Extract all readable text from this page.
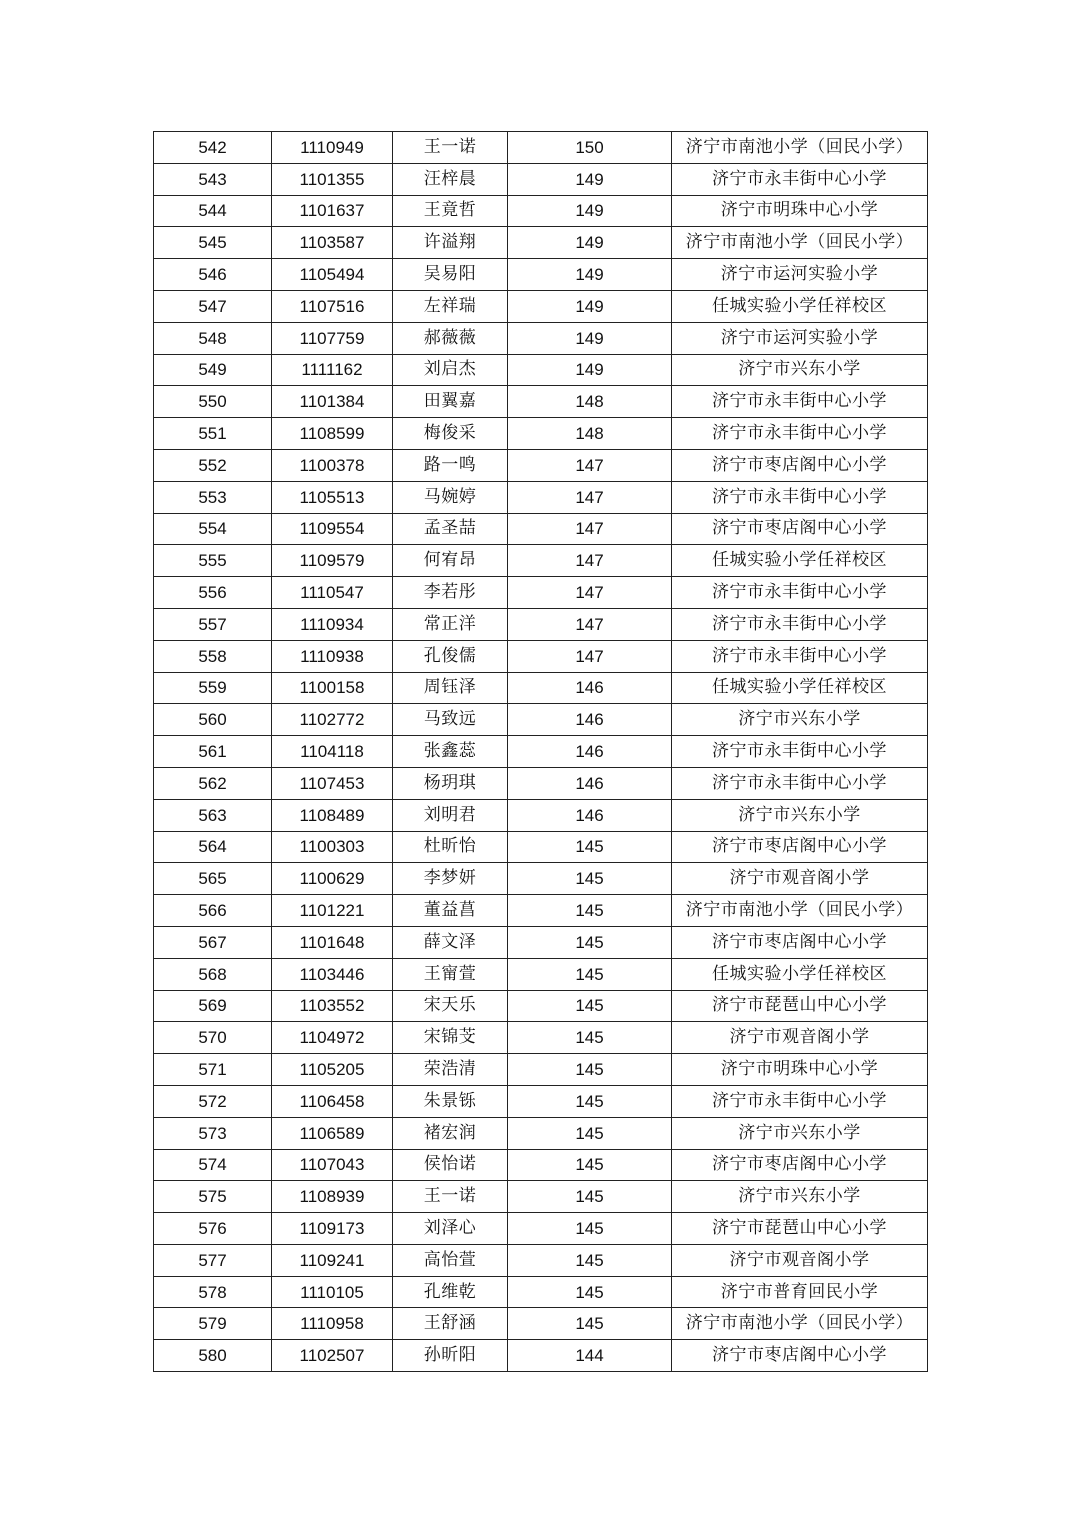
542	1110949	王一诺	150	济宁市南池小学（回民小学）
543	1101355	汪梓晨	149	济宁市永丰街中心小学
544	1101637	王竟哲	149	济宁市明珠中心小学
545	1103587	许溢翔	149	济宁市南池小学（回民小学）
546	1105494	吴易阳	149	济宁市运河实验小学
547	1107516	左祥瑞	149	任城实验小学任祥校区
548	1107759	郝薇薇	149	济宁市运河实验小学
549	1111162	刘启杰	149	济宁市兴东小学
550	1101384	田翼嘉	148	济宁市永丰街中心小学
551	1108599	梅俊采	148	济宁市永丰街中心小学
552	1100378	路一鸣	147	济宁市枣店阁中心小学
553	1105513	马婉婷	147	济宁市永丰街中心小学
554	1109554	孟圣喆	147	济宁市枣店阁中心小学
555	1109579	何宥昂	147	任城实验小学任祥校区
556	1110547	李若彤	147	济宁市永丰街中心小学
557	1110934	常正洋	147	济宁市永丰街中心小学
558	1110938	孔俊儒	147	济宁市永丰街中心小学
559	1100158	周钰泽	146	任城实验小学任祥校区
560	1102772	马致远	146	济宁市兴东小学
561	1104118	张鑫蕊	146	济宁市永丰街中心小学
562	1107453	杨玥琪	146	济宁市永丰街中心小学
563	1108489	刘明君	146	济宁市兴东小学
564	1100303	杜昕怡	145	济宁市枣店阁中心小学
565	1100629	李梦妍	145	济宁市观音阁小学
566	1101221	董益菖	145	济宁市南池小学（回民小学）
567	1101648	薛文泽	145	济宁市枣店阁中心小学
568	1103446	王甯萱	145	任城实验小学任祥校区
569	1103552	宋天乐	145	济宁市琵琶山中心小学
570	1104972	宋锦芠	145	济宁市观音阁小学
571	1105205	荣浩清	145	济宁市明珠中心小学
572	1106458	朱景铄	145	济宁市永丰街中心小学
573	1106589	褚宏润	145	济宁市兴东小学
574	1107043	侯怡诺	145	济宁市枣店阁中心小学
575	1108939	王一诺	145	济宁市兴东小学
576	1109173	刘泽心	145	济宁市琵琶山中心小学
577	1109241	高怡萱	145	济宁市观音阁小学
578	1110105	孔维乾	145	济宁市普育回民小学
579	1110958	王舒涵	145	济宁市南池小学（回民小学）
580	1102507	孙昕阳	144	济宁市枣店阁中心小学
